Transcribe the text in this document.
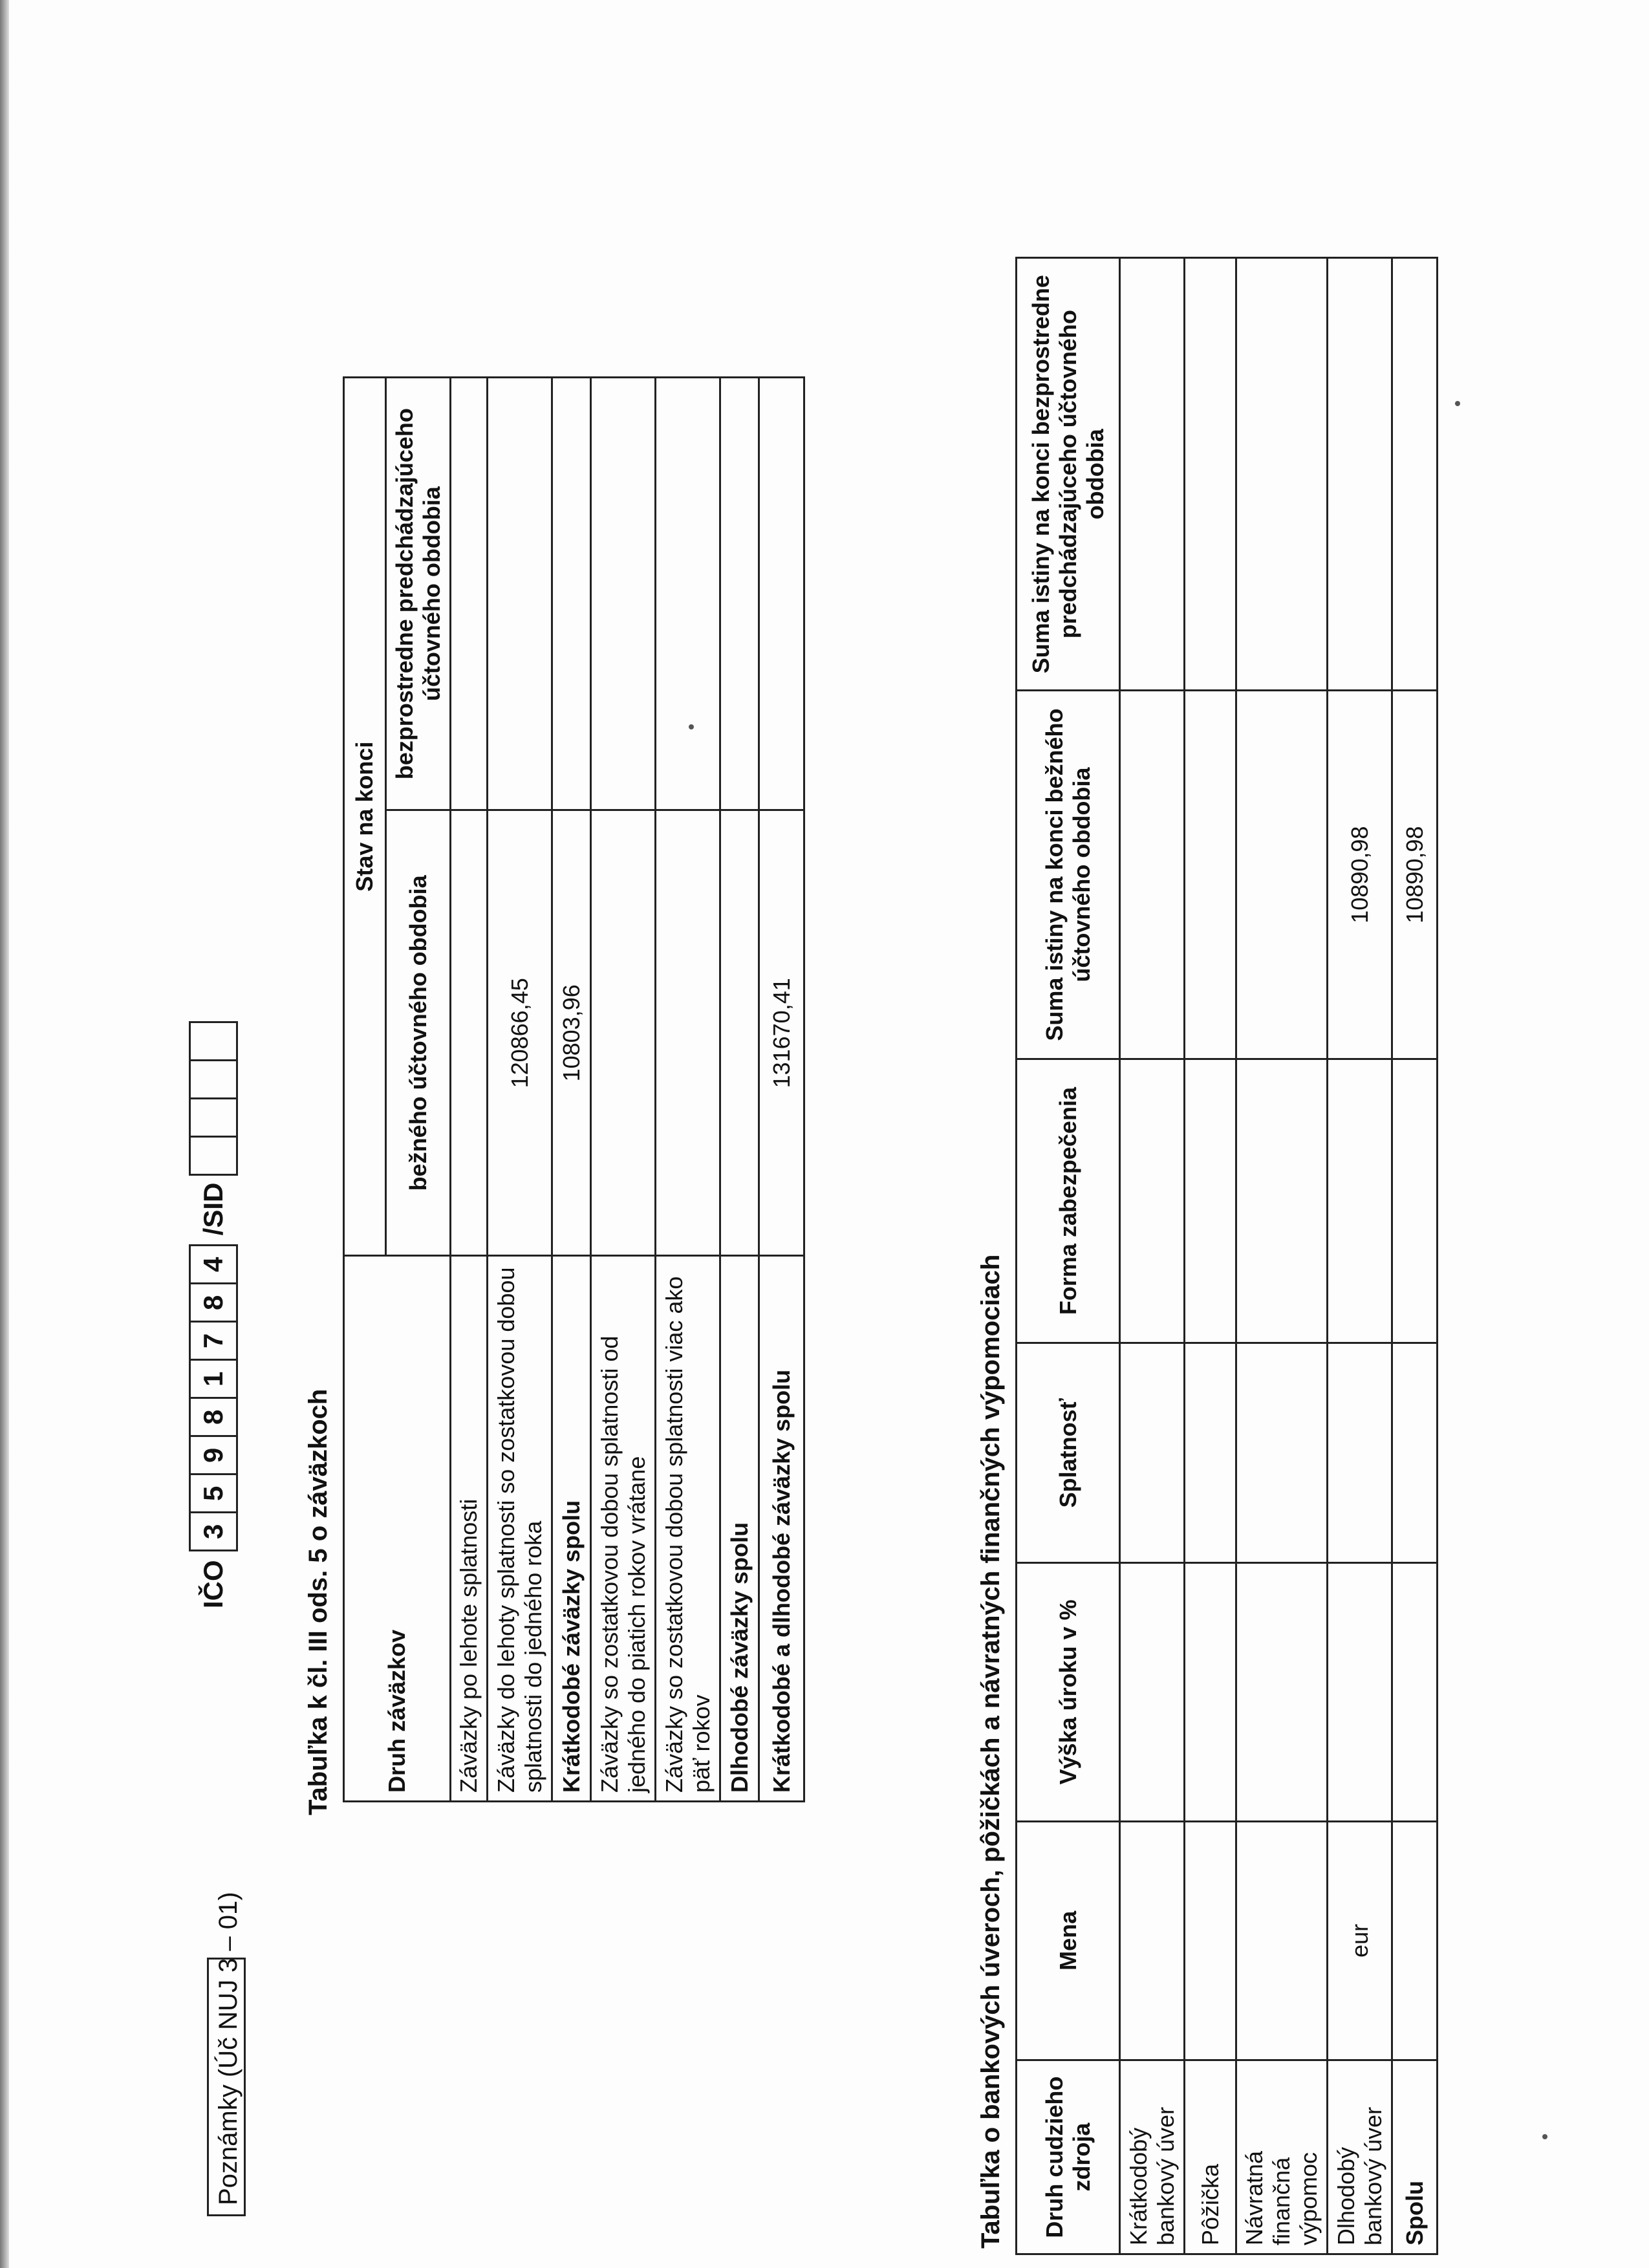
Poznámky (Úč NUJ 3 – 01)
IČO
3
5
9
8
1
7
8
4
/SID
Tabuľka k čl. III ods. 5 o záväzkoch Druh záväzkov	Stav na konci	
	bežného účtovného obdobia	bezprostredne predchádzajúceho účtovného obdobia
Záväzky po lehote splatnosti		
Záväzky do lehoty splatnosti so zostatkovou dobou splatnosti do jedného roka	120866,45	
Krátkodobé záväzky spolu	10803,96	
Záväzky so zostatkovou dobou splatnosti od jedného do piatich rokov vrátane		
Záväzky so zostatkovou dobou splatnosti viac ako päť rokov		
Dlhodobé záväzky spolu		
Krátkodobé a dlhodobé záväzky spolu	131670,41	
Tabuľka o bankových úveroch, pôžičkách a návratných finančných výpomociach Druh cudzieho zdroja	Mena	Výška úroku v %	Splatnosť	Forma zabezpečenia	Suma istiny na konci bežného účtovného obdobia	Suma istiny na konci bezprostredne predchádzajúceho účtovného obdobia
Krátkodobý bankový úver						
Pôžička						
Návratná finančná výpomoc						
Dlhodobý bankový úver	eur				10890,98	
Spolu					10890,98	
